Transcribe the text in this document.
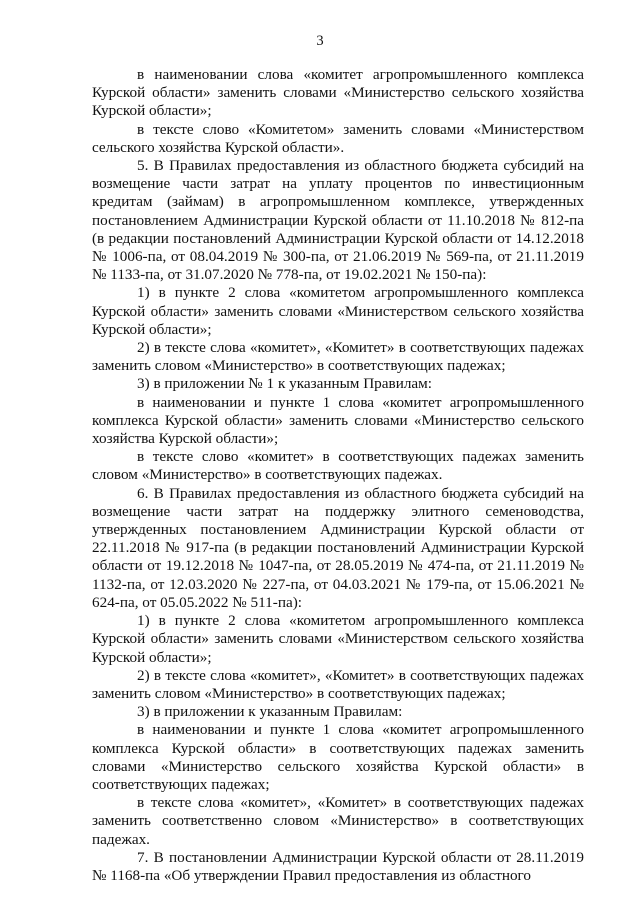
3

в наименовании слова «комитет агропромышленного комплекса Курской области» заменить словами «Министерство сельского хозяйства Курской области»;

в тексте слово «Комитетом» заменить словами «Министерством сельского хозяйства Курской области».

5. В Правилах предоставления из областного бюджета субсидий на возмещение части затрат на уплату процентов по инвестиционным кредитам (займам) в агропромышленном комплексе, утвержденных постановлением Администрации Курской области от 11.10.2018 № 812-па (в редакции постановлений Администрации Курской области от 14.12.2018 № 1006-па, от 08.04.2019 № 300-па, от 21.06.2019 № 569-па, от 21.11.2019 № 1133-па, от 31.07.2020 № 778-па, от 19.02.2021 № 150-па):

1) в пункте 2 слова «комитетом агропромышленного комплекса Курской области» заменить словами «Министерством сельского хозяйства Курской области»;

2) в тексте слова «комитет», «Комитет» в соответствующих падежах заменить словом «Министерство» в соответствующих падежах;

3) в приложении № 1 к указанным Правилам:

в наименовании и пункте 1 слова «комитет агропромышленного комплекса Курской области» заменить словами «Министерство сельского хозяйства Курской области»;

в тексте слово «комитет» в соответствующих падежах заменить словом «Министерство» в соответствующих падежах.

6. В Правилах предоставления из областного бюджета субсидий на возмещение части затрат на поддержку элитного семеноводства, утвержденных постановлением Администрации Курской области от 22.11.2018 № 917-па (в редакции постановлений Администрации Курской области от 19.12.2018 № 1047-па, от 28.05.2019 № 474-па, от 21.11.2019 № 1132-па, от 12.03.2020 № 227-па, от 04.03.2021 № 179-па, от 15.06.2021 № 624-па, от 05.05.2022 № 511-па):

1) в пункте 2 слова «комитетом агропромышленного комплекса Курской области» заменить словами «Министерством сельского хозяйства Курской области»;

2) в тексте слова «комитет», «Комитет» в соответствующих падежах заменить словом «Министерство» в соответствующих падежах;

3) в приложении к указанным Правилам:

в наименовании и пункте 1 слова «комитет агропромышленного комплекса Курской области» в соответствующих падежах заменить словами «Министерство сельского хозяйства Курской области» в соответствующих падежах;

в тексте слова «комитет», «Комитет» в соответствующих падежах заменить соответственно словом «Министерство» в соответствующих падежах.

7. В постановлении Администрации Курской области от 28.11.2019 № 1168-па «Об утверждении Правил предоставления из областного
